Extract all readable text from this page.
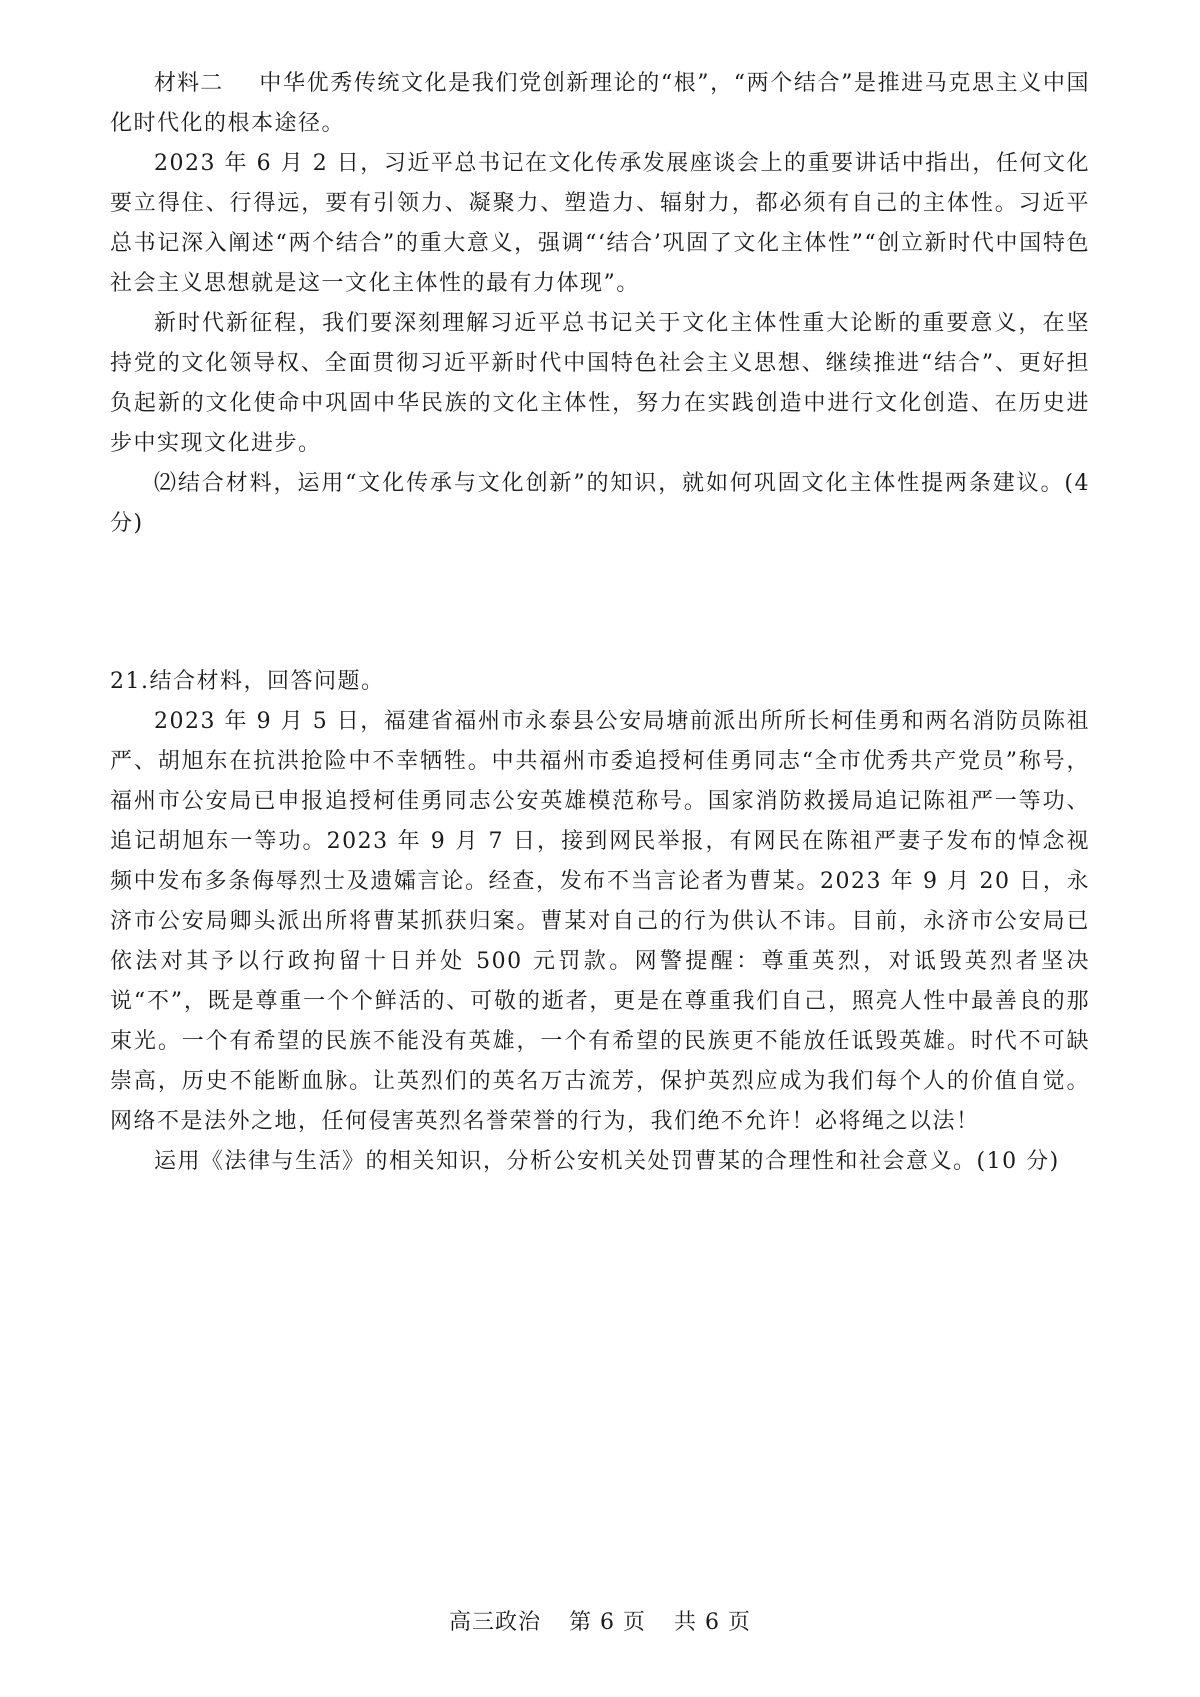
材料二 中华优秀传统文化是我们党创新理论的“根”，“两个结合”是推进马克思主义中国化时代化的根本途径。

2023 年 6 月 2 日，习近平总书记在文化传承发展座谈会上的重要讲话中指出，任何文化要立得住、行得远，要有引领力、凝聚力、塑造力、辐射力，都必须有自己的主体性。习近平总书记深入阐述“两个结合”的重大意义，强调“‘结合’巩固了文化主体性”“创立新时代中国特色社会主义思想就是这一文化主体性的最有力体现”。

新时代新征程，我们要深刻理解习近平总书记关于文化主体性重大论断的重要意义，在坚持党的文化领导权、全面贯彻习近平新时代中国特色社会主义思想、继续推进“结合”、更好担负起新的文化使命中巩固中华民族的文化主体性，努力在实践创造中进行文化创造、在历史进步中实现文化进步。

⑵结合材料，运用“文化传承与文化创新”的知识，就如何巩固文化主体性提两条建议。(4分)

21.结合材料，回答问题。

2023 年 9 月 5 日，福建省福州市永泰县公安局塘前派出所所长柯佳勇和两名消防员陈祖严、胡旭东在抗洪抢险中不幸牺牲。中共福州市委追授柯佳勇同志“全市优秀共产党员”称号，福州市公安局已申报追授柯佳勇同志公安英雄模范称号。国家消防救援局追记陈祖严一等功、追记胡旭东一等功。2023 年 9 月 7 日，接到网民举报，有网民在陈祖严妻子发布的悼念视频中发布多条侮辱烈士及遗孀言论。经查，发布不当言论者为曹某。2023 年 9 月 20 日，永济市公安局卿头派出所将曹某抓获归案。曹某对自己的行为供认不讳。目前，永济市公安局已依法对其予以行政拘留十日并处 500 元罚款。网警提醒：尊重英烈，对诋毁英烈者坚决说“不”，既是尊重一个个鲜活的、可敬的逝者，更是在尊重我们自己，照亮人性中最善良的那束光。一个有希望的民族不能没有英雄，一个有希望的民族更不能放任诋毁英雄。时代不可缺崇高，历史不能断血脉。让英烈们的英名万古流芳，保护英烈应成为我们每个人的价值自觉。网络不是法外之地，任何侵害英烈名誉荣誉的行为，我们绝不允许！必将绳之以法！

运用《法律与生活》的相关知识，分析公安机关处罚曹某的合理性和社会意义。(10 分)

高三政治 第 6 页 共 6 页
